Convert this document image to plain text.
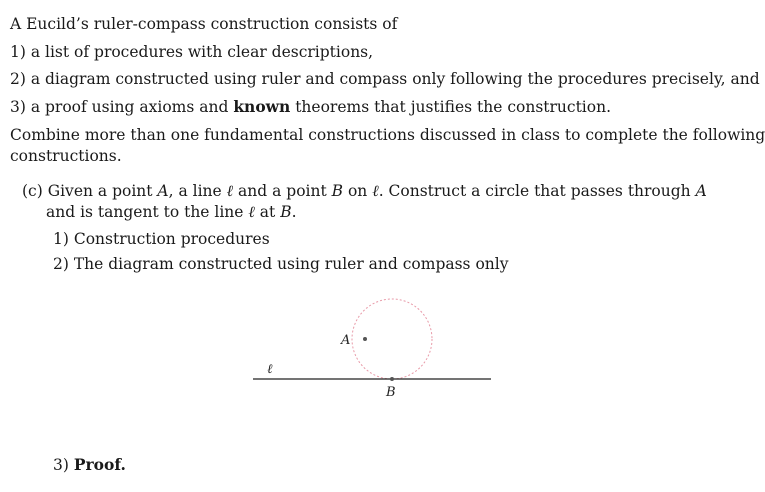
A Eucild’s ruler-compass construction consists of
1) a list of procedures with clear descriptions,
2) a diagram constructed using ruler and compass only following the procedures precisely, and
3) a proof using axioms and known theorems that justifies the construction.
Combine more than one fundamental constructions discussed in class to complete the following
constructions.
(c) Given a point A, a line ℓ and a point B on ℓ. Construct a circle that passes through A
and is tangent to the line ℓ at B.
1) Construction procedures
2) The diagram constructed using ruler and compass only
A
ℓ
B
3) Proof.
